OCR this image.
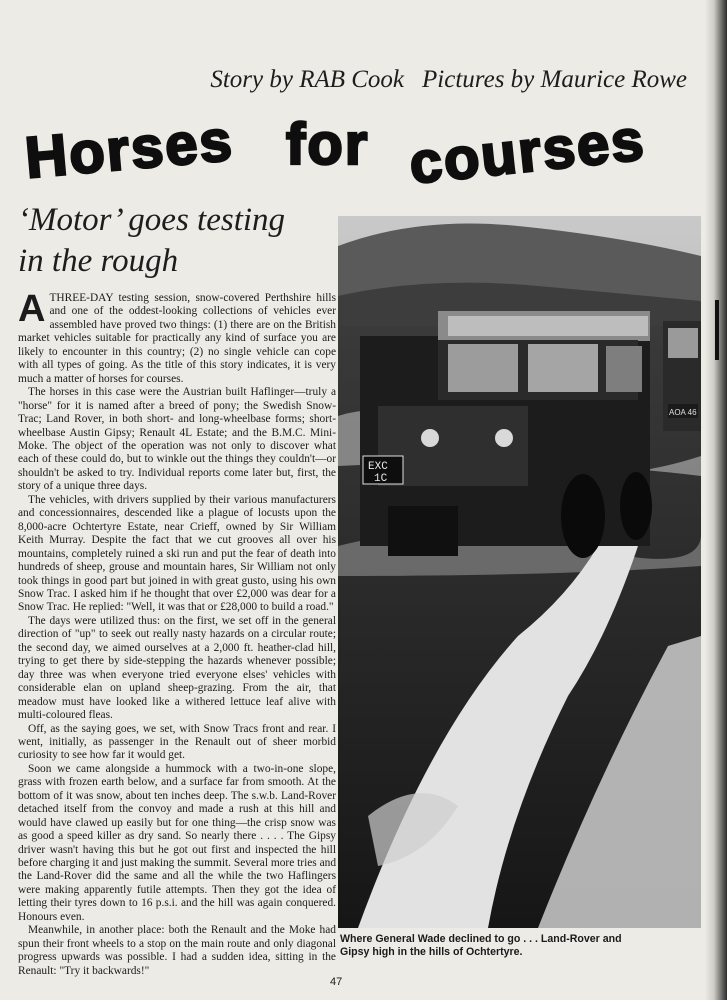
Story by RAB Cook Pictures by Maurice Rowe
Horses for courses
‘Motor’ goes testing
in the rough
EXC
1C
AOA 46
Where General Wade declined to go . . . Land-Rover and
Gipsy high in the hills of Ochtertyre.

ATHREE-DAY testing session, snow-covered Perthshire hills and one of the oddest-looking collections of vehicles ever assembled have proved two things: (1) there are on the British market vehicles suitable for practically any kind of surface you are likely to encounter in this country; (2) no single vehicle can cope with all types of going. As the title of this story indicates, it is very much a matter of horses for courses.

The horses in this case were the Austrian built Haflinger—truly a "horse" for it is named after a breed of pony; the Swedish Snow-Trac; Land Rover, in both short- and long-wheelbase forms; short-wheelbase Austin Gipsy; Renault 4L Estate; and the B.M.C. Mini-Moke. The object of the operation was not only to discover what each of these could do, but to winkle out the things they couldn't—or shouldn't be asked to try. Individual reports come later but, first, the story of a unique three days.

The vehicles, with drivers supplied by their various manufacturers and concessionnaires, descended like a plague of locusts upon the 8,000-acre Ochtertyre Estate, near Crieff, owned by Sir William Keith Murray. Despite the fact that we cut grooves all over his mountains, completely ruined a ski run and put the fear of death into hundreds of sheep, grouse and mountain hares, Sir William not only took things in good part but joined in with great gusto, using his own Snow Trac. I asked him if he thought that over £2,000 was dear for a Snow Trac. He replied: "Well, it was that or £28,000 to build a road."

The days were utilized thus: on the first, we set off in the general direction of "up" to seek out really nasty hazards on a circular route; the second day, we aimed ourselves at a 2,000 ft. heather-clad hill, trying to get there by side-stepping the hazards whenever possible; day three was when everyone tried everyone elses' vehicles with considerable elan on upland sheep-grazing. From the air, that meadow must have looked like a withered lettuce leaf alive with multi-coloured fleas.

Off, as the saying goes, we set, with Snow Tracs front and rear. I went, initially, as passenger in the Renault out of sheer morbid curiosity to see how far it would get.

Soon we came alongside a hummock with a two-in-one slope, grass with frozen earth below, and a surface far from smooth. At the bottom of it was snow, about ten inches deep. The s.w.b. Land-Rover detached itself from the convoy and made a rush at this hill and would have clawed up easily but for one thing—the crisp snow was as good a speed killer as dry sand. So nearly there . . . . The Gipsy driver wasn't having this but he got out first and inspected the hill before charging it and just making the summit. Several more tries and the Land-Rover did the same and all the while the two Haflingers were making apparently futile attempts. Then they got the idea of letting their tyres down to 16 p.s.i. and the hill was again conquered. Honours even.

Meanwhile, in another place: both the Renault and the Moke had spun their front wheels to a stop on the main route and only diagonal progress upwards was possible. I had a sudden idea, sitting in the Renault: "Try it backwards!"

47
